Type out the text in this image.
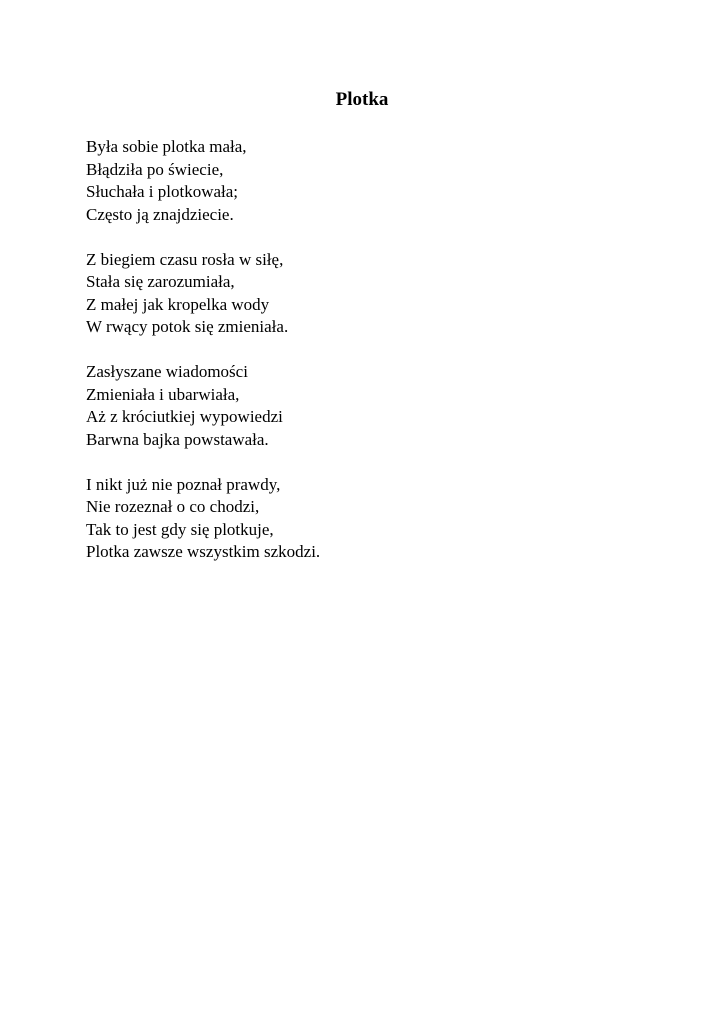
Plotka
Była sobie plotka mała,
Błądziła po świecie,
Słuchała i plotkowała;
Często ją znajdziecie.
Z biegiem czasu rosła w siłę,
Stała się zarozumiała,
Z małej jak kropelka wody
W rwący potok się zmieniała.
Zasłyszane wiadomości
Zmieniała i ubarwiała,
Aż z króciutkiej wypowiedzi
Barwna bajka powstawała.
I nikt już nie poznał prawdy,
Nie rozeznał o co chodzi,
Tak to jest gdy się plotkuje,
Plotka zawsze wszystkim szkodzi.
